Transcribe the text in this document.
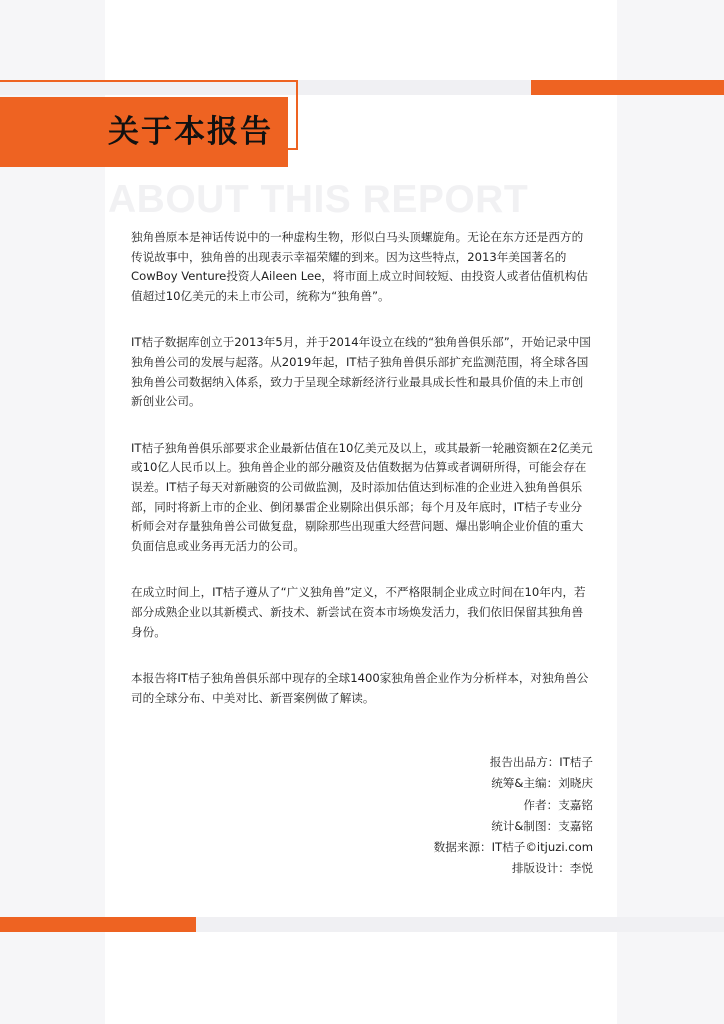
关于本报告
ABOUT THIS REPORT

独角兽原本是神话传说中的一种虚构生物，形似白马头顶螺旋角。无论在东方还是西方的传说故事中，独角兽的出现表示幸福荣耀的到来。因为这些特点，2013年美国著名的CowBoy Venture投资人Aileen Lee，将市面上成立时间较短、由投资人或者估值机构估值超过10亿美元的未上市公司，统称为“独角兽”。

IT桔子数据库创立于2013年5月，并于2014年设立在线的“独角兽俱乐部”，开始记录中国独角兽公司的发展与起落。从2019年起，IT桔子独角兽俱乐部扩充监测范围，将全球各国独角兽公司数据纳入体系，致力于呈现全球新经济行业最具成长性和最具价值的未上市创新创业公司。

IT桔子独角兽俱乐部要求企业最新估值在10亿美元及以上，或其最新一轮融资额在2亿美元或10亿人民币以上。独角兽企业的部分融资及估值数据为估算或者调研所得，可能会存在误差。IT桔子每天对新融资的公司做监测，及时添加估值达到标准的企业进入独角兽俱乐部，同时将新上市的企业、倒闭暴雷企业剔除出俱乐部；每个月及年底时，IT桔子专业分析师会对存量独角兽公司做复盘，剔除那些出现重大经营问题、爆出影响企业价值的重大负面信息或业务再无活力的公司。

在成立时间上，IT桔子遵从了“广义独角兽”定义，不严格限制企业成立时间在10年内，若部分成熟企业以其新模式、新技术、新尝试在资本市场焕发活力，我们依旧保留其独角兽身份。

本报告将IT桔子独角兽俱乐部中现存的全球1400家独角兽企业作为分析样本，对独角兽公司的全球分布、中美对比、新晋案例做了解读。

报告出品方：IT桔子
统筹&主编：刘晓庆
作者：支嘉铭
统计&制图：支嘉铭
数据来源：IT桔子©itjuzi.com
排版设计：李悦
